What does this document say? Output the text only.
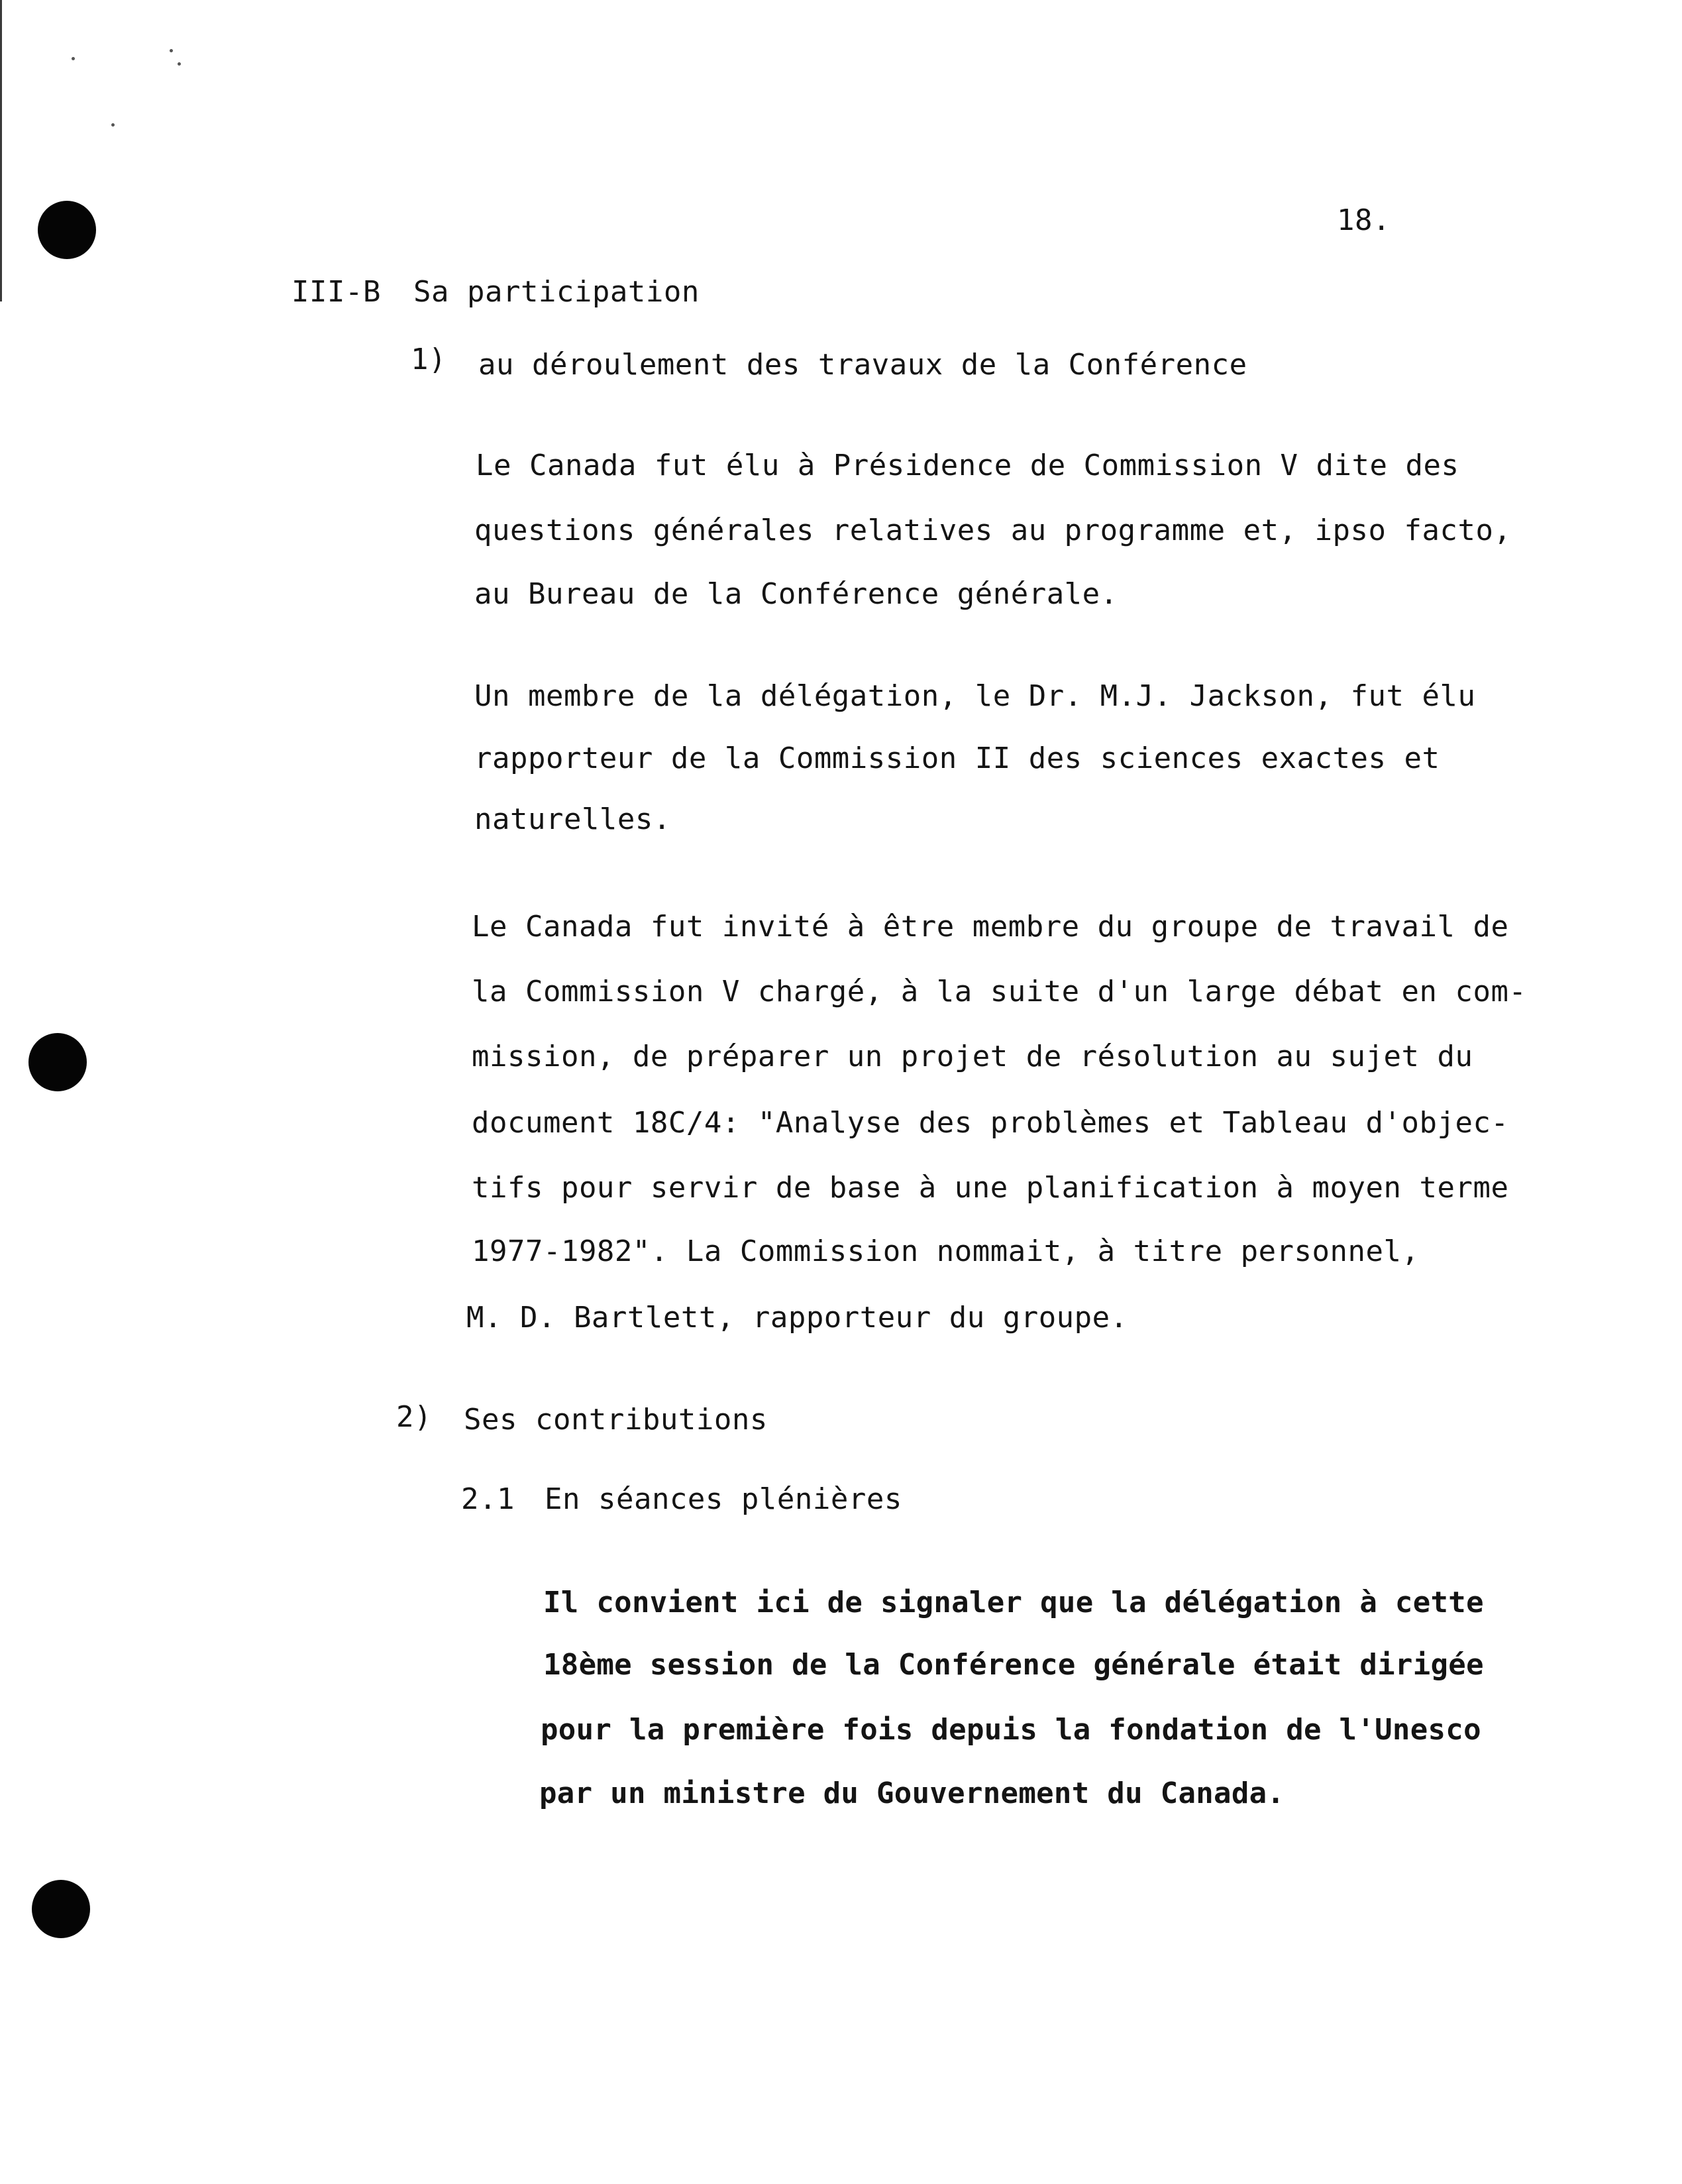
18.
III-B Sa participation
1) au déroulement des travaux de la Conférence
Le Canada fut élu à Présidence de Commission V dite des
questions générales relatives au programme et, ipso facto,
au Bureau de la Conférence générale.
Un membre de la délégation, le Dr. M.J. Jackson, fut élu
rapporteur de la Commission II des sciences exactes et
naturelles.
Le Canada fut invité à être membre du groupe de travail de
la Commission V chargé, à la suite d'un large débat en com-
mission, de préparer un projet de résolution au sujet du
document 18C/4: "Analyse des problèmes et Tableau d'objec-
tifs pour servir de base à une planification à moyen terme
1977-1982". La Commission nommait, à titre personnel,
M. D. Bartlett, rapporteur du groupe.
2) Ses contributions
2.1 En séances plénières
Il convient ici de signaler que la délégation à cette
18ème session de la Conférence générale était dirigée
pour la première fois depuis la fondation de l'Unesco
par un ministre du Gouvernement du Canada.
